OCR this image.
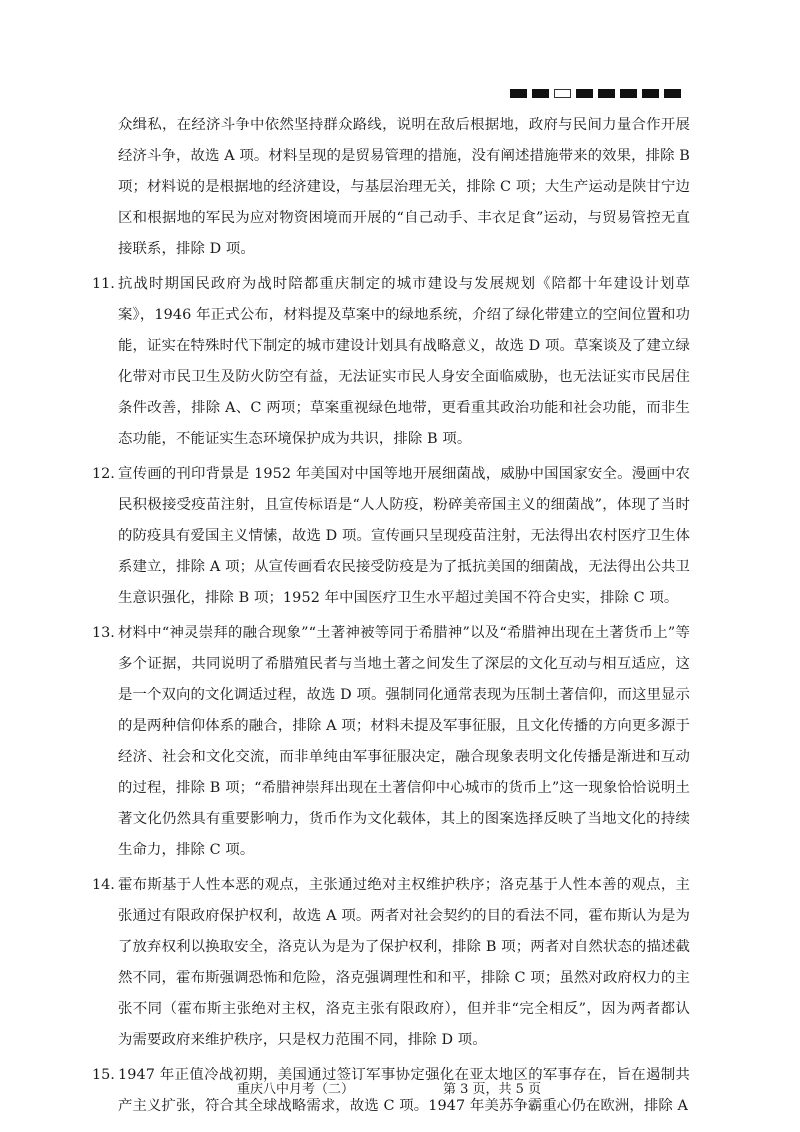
众缉私，在经济斗争中依然坚持群众路线，说明在敌后根据地，政府与民间力量合作开展经济斗争，故选 A 项。材料呈现的是贸易管理的措施，没有阐述措施带来的效果，排除 B 项；材料说的是根据地的经济建设，与基层治理无关，排除 C 项；大生产运动是陕甘宁边区和根据地的军民为应对物资困境而开展的“自己动手、丰衣足食”运动，与贸易管控无直接联系，排除 D 项。
11. 抗战时期国民政府为战时陪都重庆制定的城市建设与发展规划《陪都十年建设计划草案》，1946 年正式公布，材料提及草案中的绿地系统，介绍了绿化带建立的空间位置和功能，证实在特殊时代下制定的城市建设计划具有战略意义，故选 D 项。草案谈及了建立绿化带对市民卫生及防火防空有益，无法证实市民人身安全面临威胁，也无法证实市民居住条件改善，排除 A、C 两项；草案重视绿色地带，更看重其政治功能和社会功能，而非生态功能，不能证实生态环境保护成为共识，排除 B 项。
12. 宣传画的刊印背景是 1952 年美国对中国等地开展细菌战，威胁中国国家安全。漫画中农民积极接受疫苗注射，且宣传标语是“人人防疫，粉碎美帝国主义的细菌战”，体现了当时的防疫具有爱国主义情愫，故选 D 项。宣传画只呈现疫苗注射，无法得出农村医疗卫生体系建立，排除 A 项；从宣传画看农民接受防疫是为了抵抗美国的细菌战，无法得出公共卫生意识强化，排除 B 项；1952 年中国医疗卫生水平超过美国不符合史实，排除 C 项。
13. 材料中“神灵崇拜的融合现象”“土著神被等同于希腊神”以及“希腊神出现在土著货币上”等多个证据，共同说明了希腊殖民者与当地土著之间发生了深层的文化互动与相互适应，这是一个双向的文化调适过程，故选 D 项。强制同化通常表现为压制土著信仰，而这里显示的是两种信仰体系的融合，排除 A 项；材料未提及军事征服，且文化传播的方向更多源于经济、社会和文化交流，而非单纯由军事征服决定，融合现象表明文化传播是渐进和互动的过程，排除 B 项；“希腊神崇拜出现在土著信仰中心城市的货币上”这一现象恰恰说明土著文化仍然具有重要影响力，货币作为文化载体，其上的图案选择反映了当地文化的持续生命力，排除 C 项。
14. 霍布斯基于人性本恶的观点，主张通过绝对主权维护秩序；洛克基于人性本善的观点，主张通过有限政府保护权利，故选 A 项。两者对社会契约的目的看法不同，霍布斯认为是为了放弃权利以换取安全，洛克认为是为了保护权利，排除 B 项；两者对自然状态的描述截然不同，霍布斯强调恐怖和危险，洛克强调理性和和平，排除 C 项；虽然对政府权力的主张不同（霍布斯主张绝对主权，洛克主张有限政府），但并非“完全相反”，因为两者都认为需要政府来维护秩序，只是权力范围不同，排除 D 项。
15. 1947 年正值冷战初期，美国通过签订军事协定强化在亚太地区的军事存在，旨在遏制共产主义扩张，符合其全球战略需求，故选 C 项。1947 年美苏争霸重心仍在欧洲，排除 A
重庆八中月考（二）	第 3 页，共 5 页
